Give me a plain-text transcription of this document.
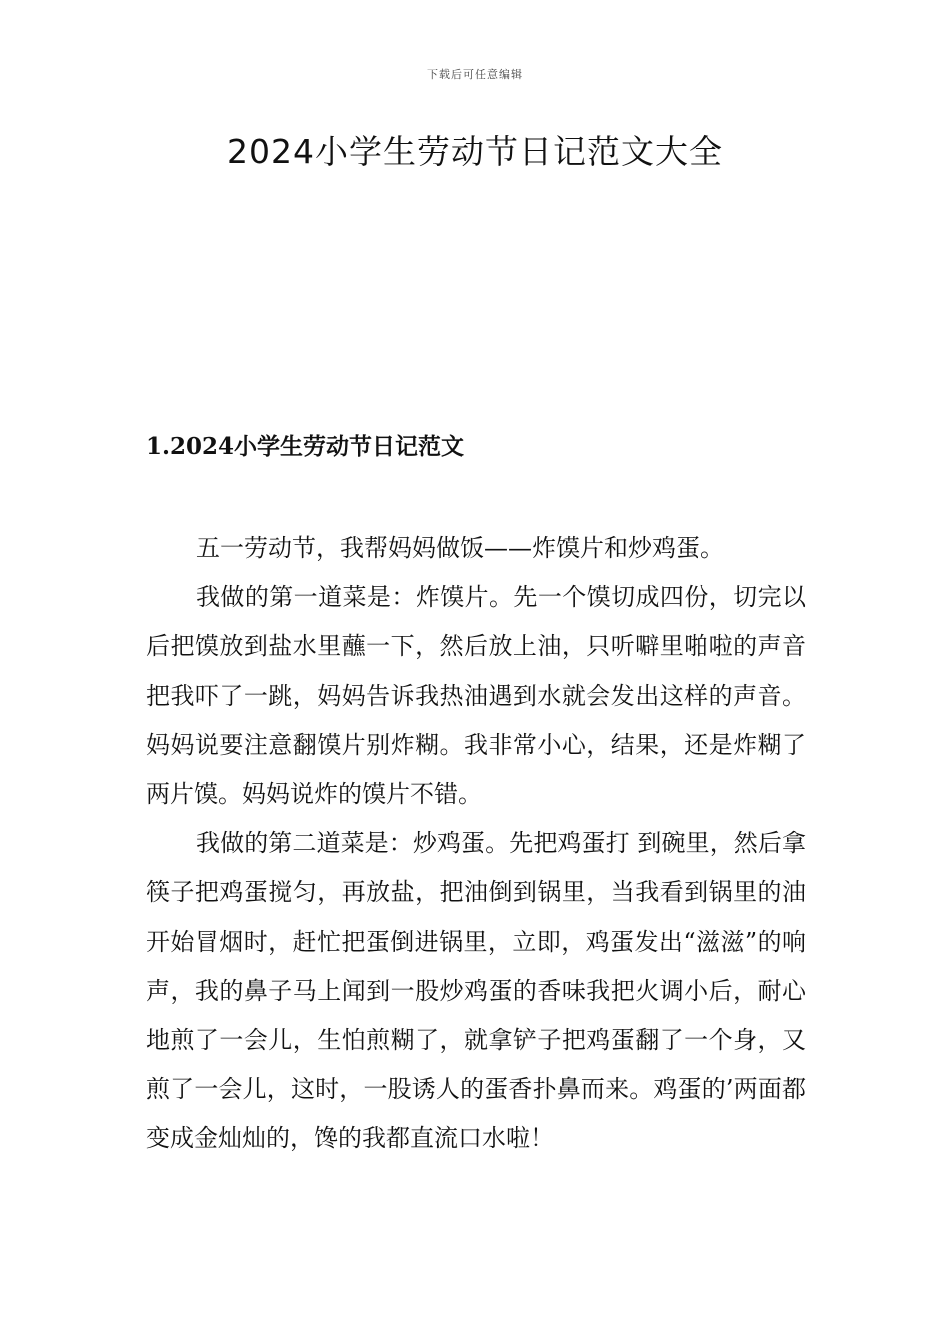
下载后可任意编辑
2024小学生劳动节日记范文大全
1.2024小学生劳动节日记范文

五一劳动节，我帮妈妈做饭——炸馍片和炒鸡蛋。

我做的第一道菜是：炸馍片。先一个馍切成四份，切完以后把馍放到盐水里蘸一下，然后放上油，只听噼里啪啦的声音把我吓了一跳，妈妈告诉我热油遇到水就会发出这样的声音。妈妈说要注意翻馍片别炸糊。我非常小心，结果，还是炸糊了两片馍。妈妈说炸的馍片不错。

我做的第二道菜是：炒鸡蛋。先把鸡蛋打 到碗里，然后拿筷子把鸡蛋搅匀，再放盐，把油倒到锅里，当我看到锅里的油开始冒烟时，赶忙把蛋倒进锅里，立即，鸡蛋发出“滋滋”的响声，我的鼻子马上闻到一股炒鸡蛋的香味我把火调小后，耐心地煎了一会儿，生怕煎糊了，就拿铲子把鸡蛋翻了一个身，又煎了一会儿，这时，一股诱人的蛋香扑鼻而来。鸡蛋的’两面都变成金灿灿的，馋的我都直流口水啦！
